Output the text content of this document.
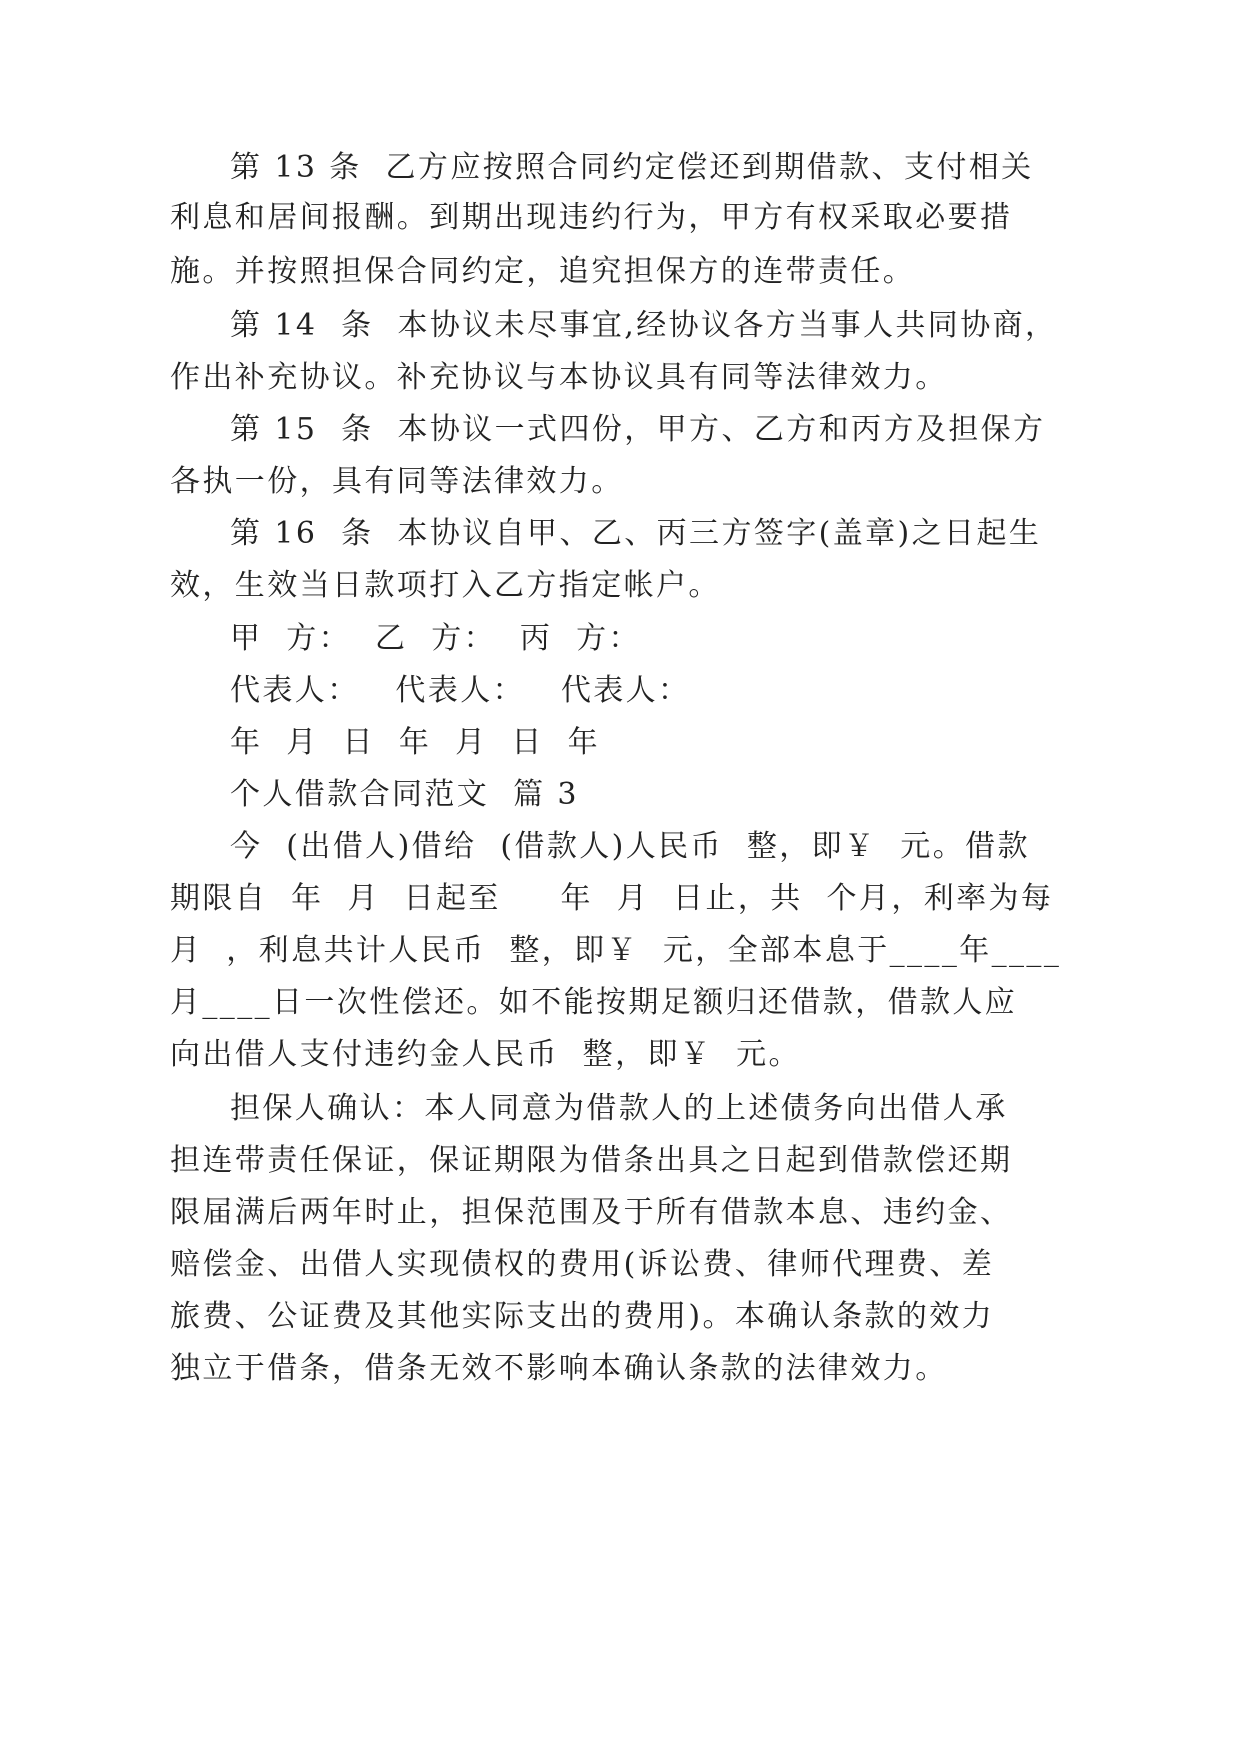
第 13 条  乙方应按照合同约定偿还到期借款、支付相关
利息和居间报酬。到期出现违约行为，甲方有权采取必要措
施。并按照担保合同约定，追究担保方的连带责任。
第 14  条  本协议未尽事宜,经协议各方当事人共同协商，
作出补充协议。补充协议与本协议具有同等法律效力。
第 15  条  本协议一式四份，甲方、乙方和丙方及担保方
各执一份，具有同等法律效力。
第 16  条  本协议自甲、乙、丙三方签字(盖章)之日起生
效，生效当日款项打入乙方指定帐户。
甲  方：  乙  方：  丙  方：
代表人：   代表人：   代表人：
年  月  日  年  月  日  年
个人借款合同范文  篇 3
今  (出借人)借给  (借款人)人民币  整，即￥  元。借款
期限自  年  月  日起至     年  月  日止，共  个月，利率为每
月  ，利息共计人民币  整，即￥  元，全部本息于____年____
月____日一次性偿还。如不能按期足额归还借款，借款人应
向出借人支付违约金人民币  整，即￥  元。
担保人确认：本人同意为借款人的上述债务向出借人承
担连带责任保证，保证期限为借条出具之日起到借款偿还期
限届满后两年时止，担保范围及于所有借款本息、违约金、
赔偿金、出借人实现债权的费用(诉讼费、律师代理费、差
旅费、公证费及其他实际支出的费用)。本确认条款的效力
独立于借条，借条无效不影响本确认条款的法律效力。
